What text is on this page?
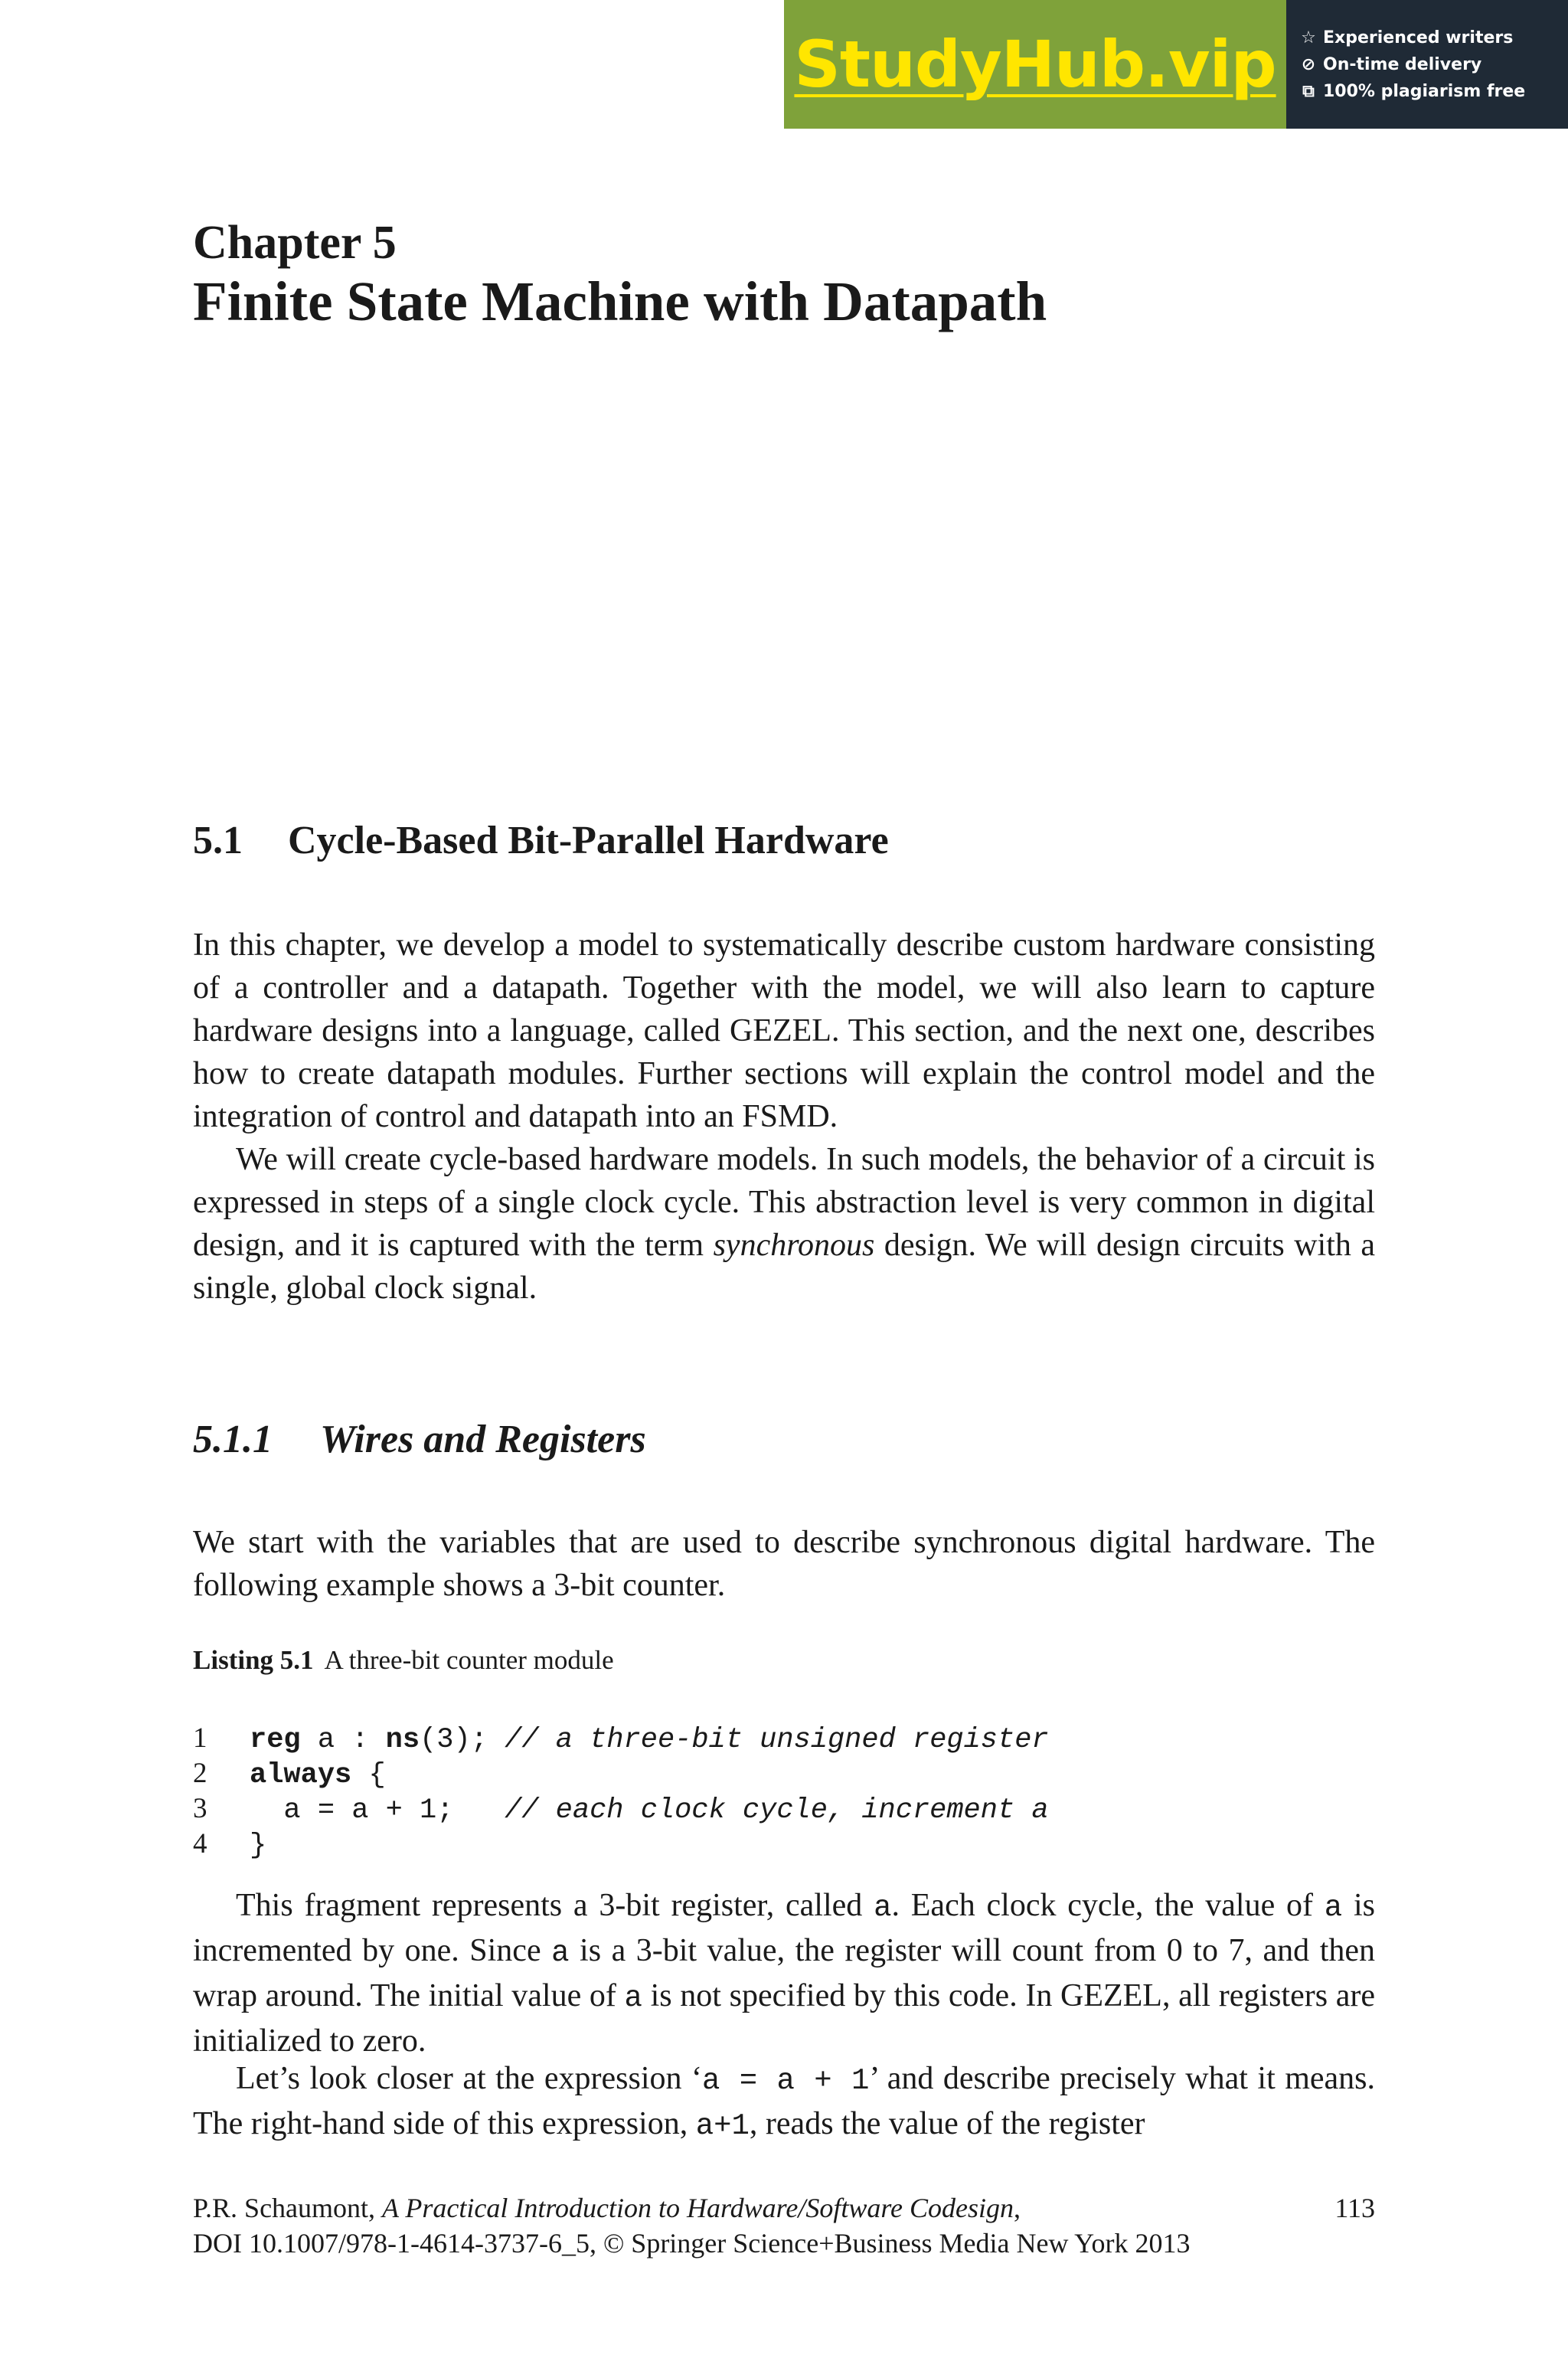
StudyHub.vip ☆ Experienced writers
⊘ On-time delivery
⧉ 100% plagiarism free
Chapter 5
Finite State Machine with Datapath
5.1 Cycle-Based Bit-Parallel Hardware

In this chapter, we develop a model to systematically describe custom hardware consisting of a controller and a datapath. Together with the model, we will also learn to capture hardware designs into a language, called GEZEL. This section, and the next one, describes how to create datapath modules. Further sections will explain the control model and the integration of control and datapath into an FSMD.

We will create cycle-based hardware models. In such models, the behavior of a circuit is expressed in steps of a single clock cycle. This abstraction level is very common in digital design, and it is captured with the term synchronous design. We will design circuits with a single, global clock signal.

5.1.1 Wires and Registers

We start with the variables that are used to describe synchronous digital hardware. The following example shows a 3-bit counter.

Listing 5.1 A three-bit counter module
1	reg a : ns(3); // a three-bit unsigned register
2	always {
3	a = a + 1;   // each clock cycle, increment a
4	}

This fragment represents a 3-bit register, called a. Each clock cycle, the value of a is incremented by one. Since a is a 3-bit value, the register will count from 0 to 7, and then wrap around. The initial value of a is not specified by this code. In GEZEL, all registers are initialized to zero.

Let’s look closer at the expression ‘a = a + 1’ and describe precisely what it means. The right-hand side of this expression, a+1, reads the value of the register

P.R. Schaumont, A Practical Introduction to Hardware/Software Codesign,	113
DOI 10.1007/978-1-4614-3737-6_5, © Springer Science+Business Media New York 2013
